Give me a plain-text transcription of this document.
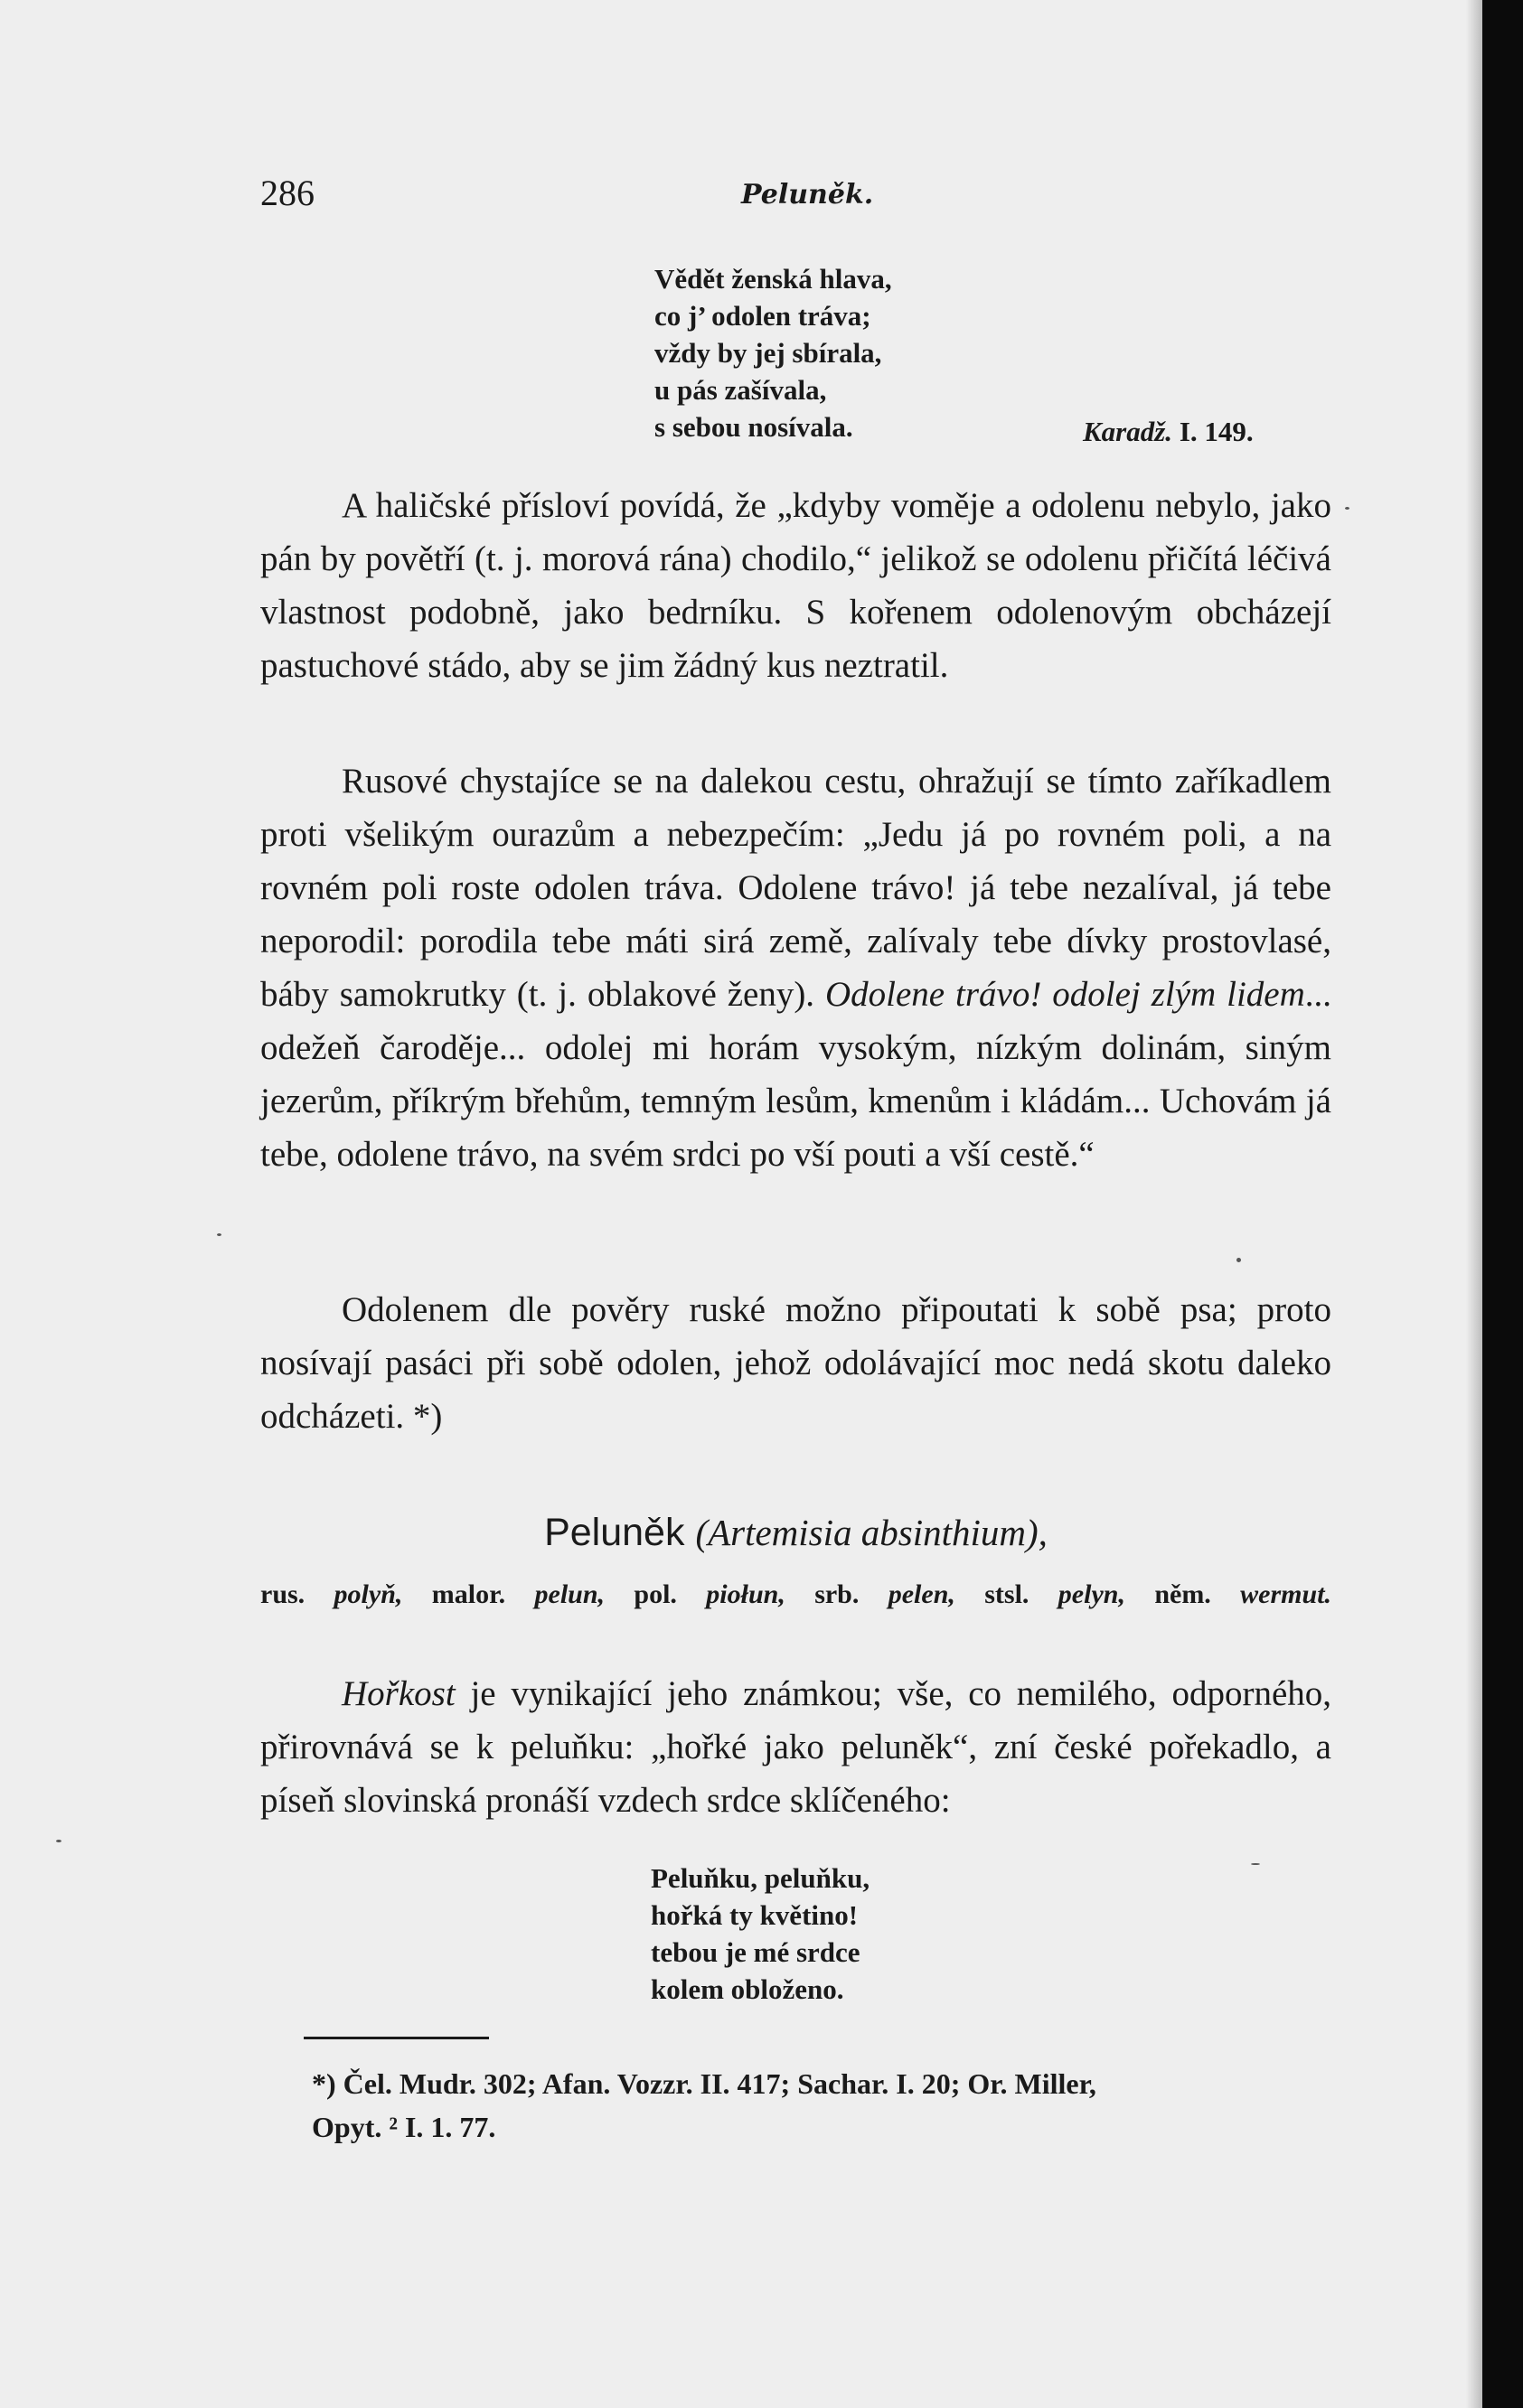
286	Peluněk.
Vědět ženská hlava,
co j’ odolen tráva;
vždy by jej sbírala,
u pás zašívala,
s sebou nosívala.	Karadž. I. 149.

A haličské přísloví povídá, že „kdyby voměje a odolenu nebylo, jako pán by povětří (t. j. morová rána) chodilo,“ jelikož se odolenu přičítá léčivá vlastnost podobně, jako bedrníku. S kořenem odolenovým obcházejí pastuchové stádo, aby se jim žádný kus neztratil.

Rusové chystajíce se na dalekou cestu, ohražují se tímto zaříkadlem proti všelikým ourazům a nebezpečím: „Jedu já po rovném poli, a na rovném poli roste odolen tráva. Odolene trávo! já tebe nezalíval, já tebe neporodil: porodila tebe máti sirá země, zalívaly tebe dívky prostovlasé, báby samokrutky (t. j. oblakové ženy). Odolene trávo! odolej zlým lidem... odežeň čaroděje... odolej mi horám vysokým, nízkým dolinám, siným jezerům, příkrým břehům, temným lesům, kmenům i kládám... Uchovám já tebe, odolene trávo, na svém srdci po vší pouti a vší cestě.“

Odolenem dle pověry ruské možno připoutati k sobě psa; proto nosívají pasáci při sobě odolen, jehož odolávající moc nedá skotu daleko odcházeti. *)

Peluněk (Artemisia absinthium),
rus. polyň, malor. pelun, pol. piołun, srb. pelen, stsl. pelyn, něm. wermut.

Hořkost je vynikající jeho známkou; vše, co nemilého, odporného, přirovnává se k peluňku: „hořké jako peluněk“, zní české pořekadlo, a píseň slovinská pronáší vzdech srdce sklíčeného:

Peluňku, peluňku,
hořká ty květino!
tebou je mé srdce
kolem obloženo.
*) Čel. Mudr. 302; Afan. Vozzr. II. 417; Sachar. I. 20; Or. Miller,
Opyt. ² I. 1. 77.
